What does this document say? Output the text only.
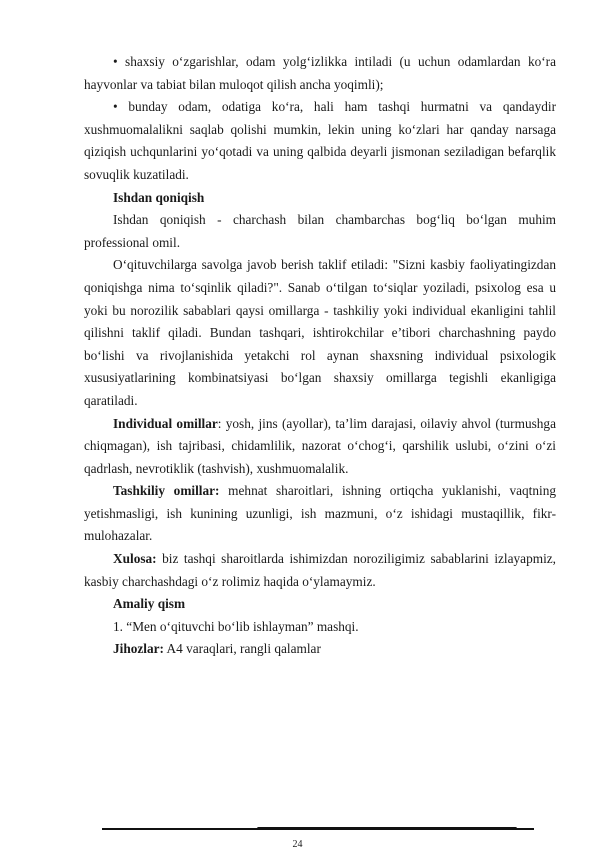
• shaxsiy o‘zgarishlar, odam yolg‘izlikka intiladi (u uchun odamlardan ko‘ra hayvonlar va tabiat bilan muloqot qilish ancha yoqimli);

• bunday odam, odatiga ko‘ra, hali ham tashqi hurmatni va qandaydir xushmuomalalikni saqlab qolishi mumkin, lekin uning ko‘zlari har qanday narsaga qiziqish uchqunlarini yo‘qotadi va uning qalbida deyarli jismonan seziladigan befarqlik sovuqlik kuzatiladi.

Ishdan qoniqish

Ishdan qoniqish - charchash bilan chambarchas bog‘liq bo‘lgan muhim professional omil.

O‘qituvchilarga savolga javob berish taklif etiladi: "Sizni kasbiy faoliyatingizdan qoniqishga nima to‘sqinlik qiladi?". Sanab o‘tilgan to‘siqlar yoziladi, psixolog esa u yoki bu norozilik sabablari qaysi omillarga - tashkiliy yoki individual ekanligini tahlil qilishni taklif qiladi. Bundan tashqari, ishtirokchilar e’tibori charchashning paydo bo‘lishi va rivojlanishida yetakchi rol aynan shaxsning individual psixologik xususiyatlarining kombinatsiyasi bo‘lgan shaxsiy omillarga tegishli ekanligiga qaratiladi.

Individual omillar: yosh, jins (ayollar), ta’lim darajasi, oilaviy ahvol (turmushga chiqmagan), ish tajribasi, chidamlilik, nazorat o‘chog‘i, qarshilik uslubi, o‘zini o‘zi qadrlash, nevrotiklik (tashvish), xushmuomalalik.

Tashkiliy omillar: mehnat sharoitlari, ishning ortiqcha yuklanishi, vaqtning yetishmasligi, ish kunining uzunligi, ish mazmuni, o‘z ishidagi mustaqillik, fikr-mulohazalar.

Xulosa: biz tashqi sharoitlarda ishimizdan noroziligimiz sabablarini izlayapmiz, kasbiy charchashdagi o‘z rolimiz haqida o‘ylamaymiz.

Amaliy qism

1. “Men o‘qituvchi bo‘lib ishlayman” mashqi.

Jihozlar: A4 varaqlari, rangli qalamlar

24
